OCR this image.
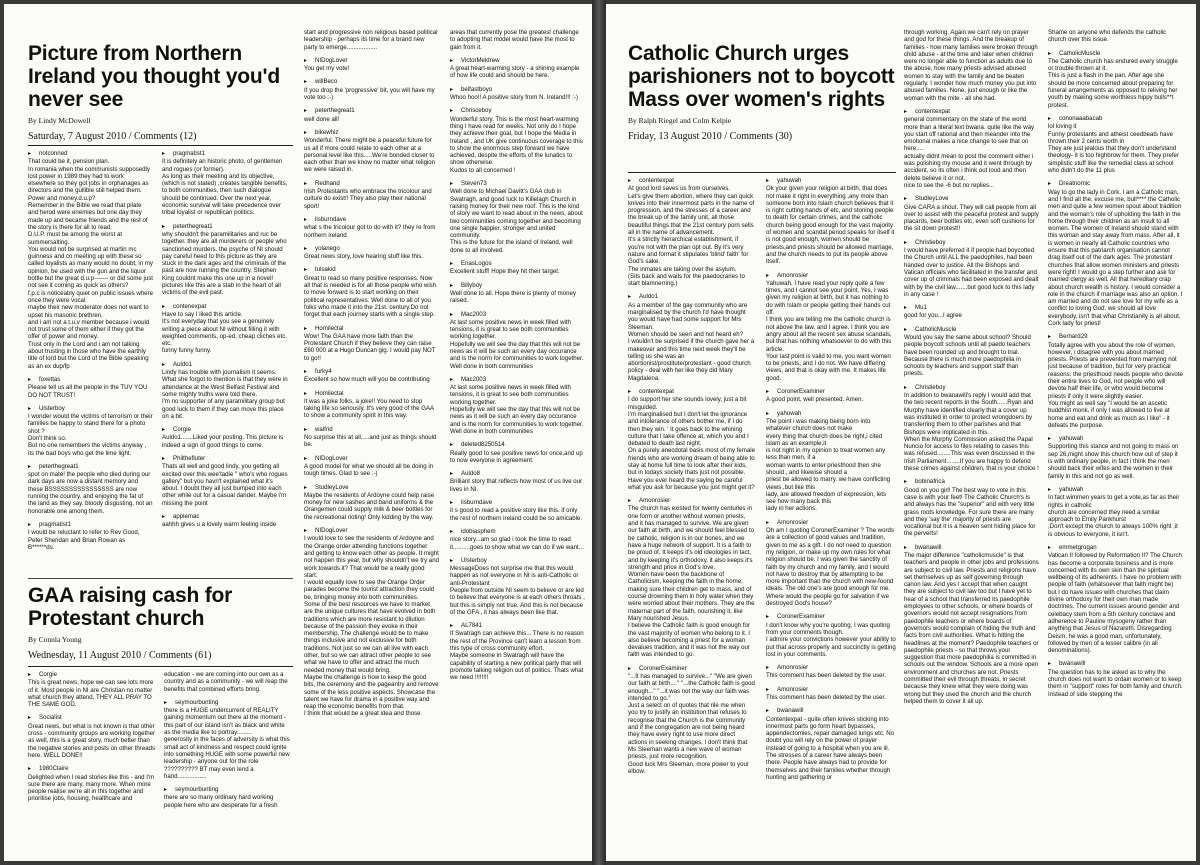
Picture from Northern Ireland you thought you'd never see
By Lindy McDowell
Saturday, 7 August 2010 / Comments (12)
▸ notconned
That could be it, pension plan.
In romania when the communists supposedly lost power in 1989 they had to work elsewhere so they got jobs in orphanages as directors and the gullible still helped them.
Power and money.d.u.p?
Remember in the Bible we read that pilate and herod were enemies but one day they made up and became friends and the rest of the story is there for all to read.
D.U.P. must be among the worst at summersalting.
You would not be surprised at martin mc guinness and co meeting up with these so called loyalists as many would no doubt, in my opinion, be used with the gun and the liquor bottle but the great d.u.p------- or did some just not see it coming as quick as others?
f.p.c is noticeably quiet on public issues where once they were vocal.
maybe their new moderator does not want to upset his masonic brethren.
and i am not a t.u.v member because i would not trust some of them either if they got the offer of power and money.
Trust only in the Lord and i am not talking about trusting in those who have the earthly title of lord but the Lord of the Bible speaking as an ex dup/fp
▸ foxettas
Please tell us all the people in the TUV YOU DO NOT TRUST!
▸ Ulsterboy
I wonder would the victims of terrorism or their families be happy to stand there for a photo shot ?
Don't think so.
But no one remembers the victims anyway , its the bad boys who get the lime light.
▸ peterthegreat1
spot on mate! the people who died during our dark days are now a distant memory and these BSSSSSSSSSSSSSSSS are now running the country. and enjoying the fat of the land as they say. bloody disgusting, not an honorable one among them.
▸ pragmatist1
I would be reluctant to refer to Rev Good, Peter Sheridan and Brian Rowan as B******ds.
▸ pragmatist1
It is definitely an historic photo, of gentlemen and rogues (or former).
As long as their meeting and its objective, (which is not stated) ,creates tangible benefits, to both communities, then such dialogue should be continued. Over the next year, economic survival will take precedence over tribal loyalist or republican politics.
▸ peterthegreat1
why shouldn't the paramilitaries and ruc be together. they are all murderers or people who sanctioned murders. the psyche of NI should pay careful heed to this picture as they are stuck in the dark ages and the criminals of the past are now running the country. Stephen King couldnt make this one up in a novel! pictures like this are a stab in the heart of all victims of the evil past.
▸ contenexpat
Have to say I liked this article.
It's not everyday that you see a genuinely writing a piece about NI without filling it with weighted comments, op-ed, cheap cliches etc. etc.
funny funny funny.
▸ Auldo1
Lindy has trouble with journalism it seems. What she forgot to mention is that they were in attendance at the West Belfast Festival and some mighty truths were told there.
I'm no supporter of any paramilitary group but good luck to them if they can move this place on a bit.
▸ Corgie
Auldo1.......Liked your posting. This picture is indeed a sign of good things to come.
▸ Philthefluter
Thats all well and good lindy, you getting all excited over this wee'tadie '' who's who rogues gallery" but you havn't explained what it's about. I doubt they all just bumped into each other while out for a casual dander. Maybe i'm missing the point
▸ applemac
aahhh gives u a lovely warm feeling inside
start and progressive non religious based political leadership - perhaps its time for a brand new party to emerge..................
▸ NIDogLover
You get my vote!
▸ willBeco
If you drop the 'progressive' bit, you will have my vote too :-)
▸ peterthegreat1
well done all!
▸ bikewhiz
Wonderful. There might be a peaceful future for us all if more could relate to each other at a personal level like this.....We're bonded closer to each other than we know no matter what religion we were raised in.
▸ Redhand
Irish Protestants who embrace the tricolour and culture do exist!! They also play their national sport!
▸ lisburndave
what s the tricolour got to do with it? they re from northern ireland
▸ yolanego
Great news story, love hearing stuff like this.
▸ tulsakid
Great to read so many positive responses. Now all that is needed is for all those people who wish to move forward is to start working on their political representatives. Well done to all of you folks who made it into the 21st. century.Do not forget that each journey starts with a single step.
▸ Homilectal
Wow! The GAA have more faith than the Protestant Church if they believe they can raise £60 000 at a Hugo Duncan gig. I would pay NOT to go!!
▸ furky4
Excellent so how much will you be contributing
▸ Homilectal
It was a joke folks, a joke!! You need to stop taking life so seriously. It's very good of the GAA to show a community spirit in this way.
▸ walfrid
No surprise this at all.....and just as things should be.
▸ NIDogLover
A good model for what we should all be doing in tough times. Glad to see :-)
▸ StudleyLove
Maybe the residents of Ardoyne could help raise money for new sashes and band uniforms & the Orangemen could supply milk & beer bottles for the recreational rioting! Only kidding by the way.
▸ NIDogLover
I would love to see the residents of Ardoyne and the Orange order attending functions together and getting to know each other as people. It might not happen this year, but why shouldn't we try and work towards it? That would be a really good start.
I would equally love to see the Orange Order parades become the tourist attraction they could be, bringing money into both communities.
Some of the best resources we have to market are the unique cultures that have evolved in both traditions which are more resistant to dilution because of the passion they evoke in their membership. The challenge would be to make things inclusive and not exclusive for both traditions. Not just so we can all live with each other, but so we can attract other people to see what we have to offer and attract the much needed money that would bring.
Maybe the challenge is how to keep the good bits, the ceremony and the pageantry and remove some of the less positive aspects. Showcase the talent we have for drama in a positive way and reap the economic benefits from that.
I think that would be a great idea and those
areas that currently pose the greatest challenge to adopting that model would have the most to gain from it.
▸ VictorMeldrew
A great heart-warming story - a shining example of how life could and should be here.
▸ belfastboyo
Whoo hoo!! A positive story from N. Ireland!!! :-)
▸ Chrisceboy
Wonderful story. This is the most heart-warming thing I have read for weeks. Not only do I hope they achieve their goal, but I hope the Media in Ireland , and UK give continuous coverage to this to show the enormous step forward we have achieved, despite the efforts of the lunatics to show otherwise.
Kudos to all concerned !
▸ Steven73
Well done to Michael Davitt's GAA club in Swatragh, and good luck to Killelagh Church in raising money for their new roof. This is the kind of story we want to read about in the news, about two communities coming together and becoming one single happier, stronger and united community.
This is the future for the island of Ireland, well done to all involved.
▸ EnasLogos
Excellent stuff! Hope they hit their target.
▸ Billyboy
Well done to all. Hope there is plenty of money raised.
▸ Mac2003
At last some positive news in week filled with tensions, it is great to see both communities working together.
Hopefully we will see the day that this will not be news as it will be such an every day occurance and is the norm for communities to work together.
Well done in both communities
▸ Mac2003
At last some positive news in week filled with tensions, it is great to see both communities working together.
Hopefully we will see the day that this will not be news as it will be such an every day occurance and is the norm for communities to work together.
Well done in both communities
▸ deleted8250514
Really good to see positive news for once,and up to now everyone in agreement.
▸ Auldo8
Brilliant story that reflects how most of us live our lives in NI.
▸ lisburndave
it s good to read a positive story like this. if only the rest of northern ireland could be so amicable.
▸ idobiasphem
nice story...am so glad i took the time to read it..........goes to show what we can do if we want...
▸ Ulsterboy
MessageDoes not surprise me that this would happen as not everyone in NI is anti-Catholic or anti-Protestant .
People from outside NI seem to believe or are led to believe that everyone is at each others throats , but this is simply not true. And this is not because of the GFA , it has always been like that.
▸ AL7841
If Swatragh can achieve this... There is no reason the rest of the Province can't learn a lesson from this type of cross community effort.
Maybe someone in Swatragh will have the capability of starting a new political party that will promote talking religion out of politics. Thats what we need !!!!!!!!
GAA raising cash for Protestant church
By Connla Young
Wednesday, 11 August 2010 / Comments (61)
▸ Corgie
This is great news, hope we can see lots more of it. Most people in NI are Christian no matter what church they attend, THEY ALL PRAY TO THE SAME GOD.
▸ Socialist
Great news, but what is not known is that other cross - community groups are working together as well, this is a great story, much better than the negative stories and posts on other threads here. WELL DONE!!
▸ 1980Claire
Delighted when I read stories like this - and I'm sure there are many, many more. When more people realise we're all in this together and prioritise jobs, housing, healthcare and
education - we are coming into our own as a country and as a community - we will reap the benefits that combined efforts bring.
▸ seymourbunting
there is a HUGE undercurrent of REALITY gaining momentum out there at the moment - this part of our island isn't as black and white as the media like to portray.........
generosity in the faces of adversity is what this small act of kindness and respect could ignite into something HUGE with some powerful new leadership - anyone out for the role ?????????? BT may even lend a hand.................
▸ seymourbunting
there are so many ordinary hard working people here who are desperate for a fresh
Catholic Church urges parishioners not to boycott Mass over women's rights
By Ralph Riegel and Colm Kelpie
Friday, 13 August 2010 / Comments (30)
▸ contentexpat
At good lord saves us from ourselves.
Let's give them abortion, where they can quick knives into their innermost parts in the name of progression, and the stresses of a career and the break up of the family unit, all those beautiful things that the 21st century porn sells all in the name of advancement.
It's a strictly hierarchical establishment, if you're not with the plan opt out. By it's very nature and format it stipulates 'blind' faith' for God's sake.
The inmates are taking over the asylum.
(Sits back and waits for the paedocraries to start blamnerring.)
▸ Auldo1
As a member of the gay community who are marginalised by the church I'd have thought you would have had some support for Mrs Sleeman.
Women should be seen and not heard eh?
I wouldn't be surprised if the church gave her a makeover and this time next week they'll be telling us she was an abortionist/prostitute/protestant - good church policy - deal with her like they did Mary Magdalena.
▸ contentexpat
I do support her she sounds lovely, just a bit misguided.
I'm marginalised but I don't let the ignorance and intolerance of others bother me, if I do then they win. ' It goes back to the whining culture that I take offence at, which you and I debated to death last night.
On a purely anecdotal basis most of my female friends who are working dream of being able to stay at home full time to look after their kids, but in todays society thats just not possible. Have you ever heard the saying be careful what you ask for because you just might get it?
▸ Amonrosier
The church has existed for twenty centuries in one form or another without women priests, and it has managed to survive. We are given our faith at birth, and we should feel blessed to be catholic, religion is in our bones, and we have a huge network of support. It is a faith to be proud of. It keeps it's old ideologies in tact, and by keeping it's orthodoxy, it also keeps it's strength and price in God's love.
Women have been the backbone of Catholicism, keeping the faith in the home, making sure their children get to mass, and of course drowning them in holy water when they were worried about their mothers. They are the maternal part of the faith, nourishing it, like Mary nourished Jesus.
I believe the Catholic faith is good enough for the vast majority of women who belong to it. I also believe becoming a priest for a woman devalues tradition, and it was not the way our faith was intended to go.
▸ CoronerExaminer
"...It has managed to survive..." "We are given our faith at birth...." "...the Catholic faith is good enough..." "...it was not the way our faith was intended to go."
Just a select on of quotes that rile me when you try to justify an institution that refuses to recognise that the Church is the community and if the congregation are not being heard they have every right to use more direct actions in seeking changes. I don't think that Ms Sleeman wants a new wave of woman priests, just more recognition.
Good luck Mrs Sleeman, more power to your elbow.
▸ yahuwah
Ok your given your religion at birth, that does not make it right in everything ,any more than someone born into Islam church believes that it is right cutting hands of etc, and stoning people to death for certain crimes, and the catholic church being good enough for the vast majority of women and scandal period speaks for itself it is not good enough, women should be priests,and priests should be allowed marriage, and the church needs to put its people above itself.
▸ Amonrosier
Yahuwah, I have read your reply quite a few times, and I cannot see your point. Yes, I was given my religion at birth, but it has nothing to do with Islam or people getting their hands cut off.
I think you are telling me the catholic church is not above the law, and I agree. I think you are angry about all the recent sex abuse scandals, but that has nothing whatsoever to do with this article.
Your last point is valid to me, you want women to be priests, and I do not. We have differing views, and that is okay with me. It makes life good.
▸ CoronerExaminer
A good point, well presented. Amen.
▸ yahuwah
The point i was making being born into whatever church does not make
every thing that church does be right,i cited islam as an example,it
is not right in my opinion to treat women any less than men, if a
woman wants to enter priesthood then she should , and likewise should a
priest be allowed to marry. we have conflicting views ,but like this
lady, are allowed freedom of expression, lets see how many back this
lady in her actions.
▸ Amonrosier
Oh am I quoting CoronerExaminer ? The words are a collection of good values and tradition, given to me as a gift. I do not need to question my religion, or make up my own rules for what religion should be. I was given the sanctity of faith by my church and my family, and I would not have to destroy that by attempting to be more important than the church with new-found ideals. The old one's are good enough for me.
Where would the people go for salvation if we destroyed God's house?
▸ CoronerExaminer
I don't know why you're quoting, I was quoting from your comments though.
I admire your convictions however your ability to put that across properly and succinctly is getting lost in your comments.
▸ Amonrosier
This comment has been deleted by the user.
▸ Amonrosier
This comment has been deleted by the user.
▸ bwanawill
Contentexpat - quite often knives sticking into innermost parts go form heart bypasses, appendectomies, repair damaged lungs etc. No doubt you will rely on the power of prayer instead of going to a hospital when you are ill. The stresses of a career have always been there. People have always had to provide for themselves and their families whether through hunting and gathering or
through working. Again we can't rely on prayer and god for these things. And the breakup of families - how many families were broken through child abuse - at the time and later when children were no longer able to function as adults due to the abuse, how many priests advised abused women to stay with the family and be beaten regularly. I wonder how much money you put into abused families. None, just enough or like the woman with the mite - all she had.
▸ contentexpat
general commentary on the state of the world more than a literal text bwana. quite like the way you start off rational and then meander into the emotional makes a nice change to see that on here....
actually didnt mean to post the comment either i was polishing my mouse and it went through by accident, so its often i think out loud and then delete believe it or not.
nice to see the -6 but no replies...
▸ StudleyLove
Give CARA a shout. They will call people from all over to assist with the peaceful protest and supply placards, beer bottles etc, even soft cushions for the sit down protest!!
▸ Christieboy
I would have preferred it if people had boycotted the Church until ALL the paedophiles, had been handed over to justice. All the Bishops and Vatican officials who facilitated in the transfer and cover up of criminals had been exposed and dealt with by the civil law.......but good luck to this lady in any case !
▸ Mu1
good for you...I agree
▸ CatholicMuscle
Would you say the same about school? Should people boycott schools until all paedo teachers have been rounded up and brought to trial. Because there is much more paedophilia in schools by teachers and support staff than priests.
▸ Christieboy
In addition to bwanawill's reply I would add that the two recent reports in the South......Ryan and Murphy have identified clearly that a cover up was instituted in order to protect wrongdoers by transferring them to other parishes and that Bishops were implicated in this.
When the Murphy Commission asked the Papal Nuncio for access to files relating to cases this was refused........This was even discussed in the Irish Parliament........If you are happy to defend these crimes against children, that is your choice !
▸ bobinafrica
Good on you girl! The best way to vote in this case is with your feet! The Catholic Church's is and always has the "superior" and with very little grass roots knowledge. For sure there are many and they 'say the' majority of priests are vocational but it is a heaven sent hiding place for the perverts!
▸ bwanawill
The major difference "catholicmuscle" is that teachers and people in other jobs and professions are subject to civil law. Priests and religions have set themselves up as self governing through canon law. And yes I accept that when caught they are subject to civil law too but I have yet to hear of a school that transferred its paedophile employees to other schools, or where boards of governors would not accept resignations from paedophile teachers or where boards of governors would complain of hiding the truth and facts from civil authorities. What is hitting the headlines at the moment? Paedophile teachers or paedophile priests - so that throws your suggestion that more paedophilia is committed in schools out the window. Schools are a more open environment and churches are not. Priests committed their evil through threats, in secret because they knew what they were doing was wrong but they used the church and the church helped them to cover it all up.
Shame on anyone who defends the catholic church over this issue.
▸ CatholicMuscle
The Catholic church has endured every struggle or trouble thrown at it.
This is just a flash in the pan. After age she should be more concerned about preparing for funeral arrangements as opposed to reliving her youth by making some worthless hippy bulls**t protest.
▸ cononaaabacab
lol loving it
Funny protestants and atheist ceedbeats have thrown their 2 cents worth in
They are just jealous that they don't understand theology- it is too highbrow for them. They prefer simplistic stuff like the remedial class at school who didn't do the 11 plus
▸ Dreatnomic
Way to go the lady in Cork. I am a Catholic man, and I find all the, excuse me, bull**** the Catholic men and quite a few women spout about tradition and the woman's role of upholding the faith in the home through their children as an insult to all women. The women of Ireland should stand with this woman and stay away from mass. After all, it is women in nearly all Catholic countries who ensure that this patriarch organisation cannot drag itself out of the dark ages. The protestant churches that allow women ministers and priests were right! I would go a step further and ask for married clergy as well. All that hereditary crap about church wealth is history. I would consider a role in the church if marriage was also an option. I am married and do not see love for my wife as a conflict to loving God. we should all love everybody, isn't that what Christianity is all about.
Cork lady for priest!
▸ Bernard29
Totally agree with you about the role of women, however, i disagree with you about married priests. Priests are prevented from marrying not just because of tradition, but for very practical reasons. the priesthood needs people who devote their entire lives to God, not people who will devote half their life, or who would become priests if only it were slightly easier.
You might as well say "I would be an ascetic buddhist monk, if only I was allowed to live at home and eat and drink as much as I like" - it defeats the purpose.
▸ yahuwah
Supporting this stance and not going to mass on sep 26,might show this church how out of step it is with ordinary people, in fact i think the men should back their wifes and the women in their family in this and not go as well.
▸ yahuwah
In fact wimmen years to get a vote,as far as their rights in catholic
church are concerned they need a similar approach to Emily Pankhurst
,Don't except the church to always 100% right ,it is obvious to everyone, it isn't.
▸ emmetgrogan
Vatican II followed by Reformation II? The Church has become a corporate business and is more concerned with its own skin than the spiritual wellbeing of its adherents. I have no problem with people of faith (whatsoever that faith might be) but I do have issues with churches that claim divine orthodoxy for their own man made doctrines. The current issues around gender and celebacy stem from a 5th century conclave and adherence to Pauline mysogeny rather than anything that Jesus of Nazareth. Disregarding Deism, he was a good man, unfortunately, followed by men of a lesser calibre (in all denominations).
▸ bwanawill
The question has to be asked as to why the church does not want to ordain women or to keep them in "support" roles for both family and church. Instead of side stepping the
